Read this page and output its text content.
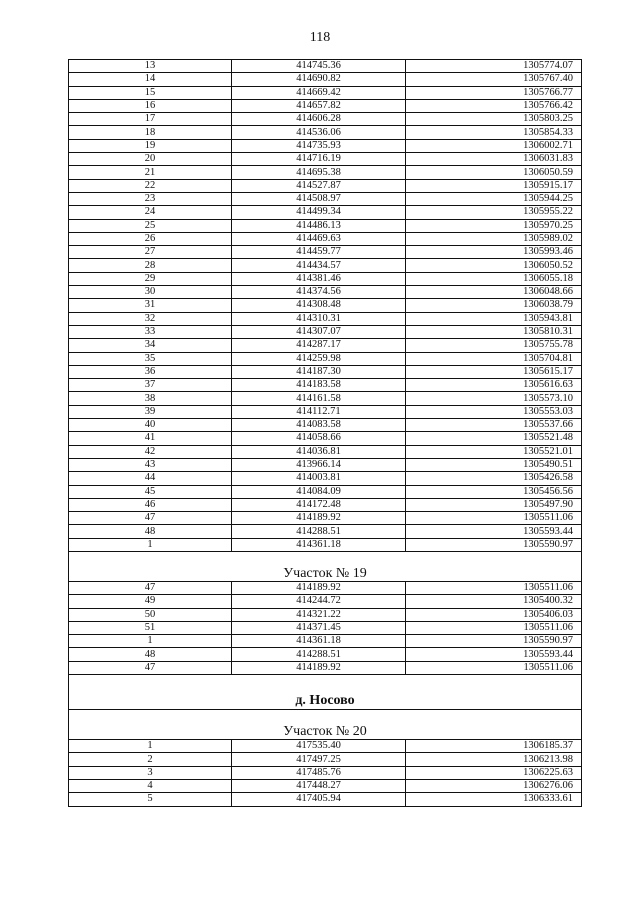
118
13	414745.36	1305774.07
14	414690.82	1305767.40
15	414669.42	1305766.77
16	414657.82	1305766.42
17	414606.28	1305803.25
18	414536.06	1305854.33
19	414735.93	1306002.71
20	414716.19	1306031.83
21	414695.38	1306050.59
22	414527.87	1305915.17
23	414508.97	1305944.25
24	414499.34	1305955.22
25	414486.13	1305970.25
26	414469.63	1305989.02
27	414459.77	1305993.46
28	414434.57	1306050.52
29	414381.46	1306055.18
30	414374.56	1306048.66
31	414308.48	1306038.79
32	414310.31	1305943.81
33	414307.07	1305810.31
34	414287.17	1305755.78
35	414259.98	1305704.81
36	414187.30	1305615.17
37	414183.58	1305616.63
38	414161.58	1305573.10
39	414112.71	1305553.03
40	414083.58	1305537.66
41	414058.66	1305521.48
42	414036.81	1305521.01
43	413966.14	1305490.51
44	414003.81	1305426.58
45	414084.09	1305456.56
46	414172.48	1305497.90
47	414189.92	1305511.06
48	414288.51	1305593.44
1	414361.18	1305590.97
Участок № 19		
47	414189.92	1305511.06
49	414244.72	1305400.32
50	414321.22	1305406.03
51	414371.45	1305511.06
1	414361.18	1305590.97
48	414288.51	1305593.44
47	414189.92	1305511.06
д. Носово		
Участок № 20		
1	417535.40	1306185.37
2	417497.25	1306213.98
3	417485.76	1306225.63
4	417448.27	1306276.06
5	417405.94	1306333.61
